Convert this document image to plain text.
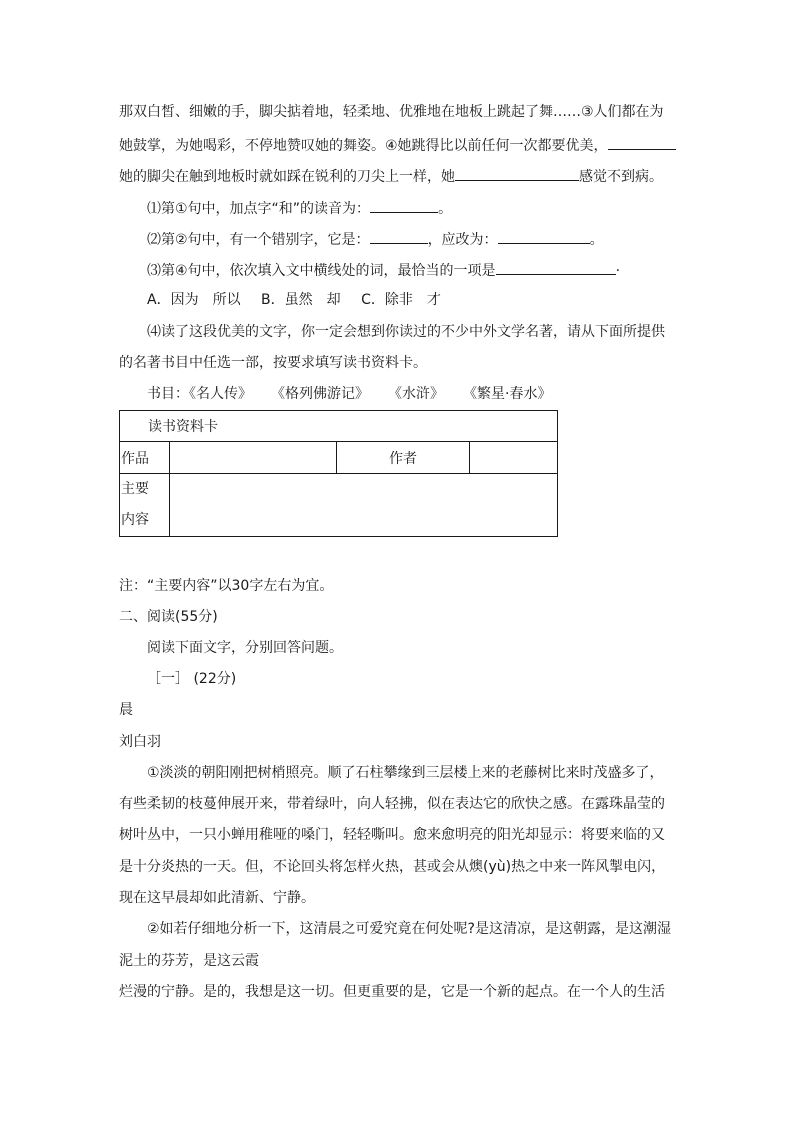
那双白皙、细嫩的手，脚尖掂着地，轻柔地、优雅地在地板上跳起了舞……③人们都在为
她鼓掌，为她喝彩，不停地赞叹她的舞姿。④她跳得比以前任何一次都要优美，
她的脚尖在触到地板时就如踩在锐利的刀尖上一样，她	感觉不到病。
⑴第①句中，加点字“和”的读音为：	。
⑵第②句中，有一个错别字，它是：	，应改为：	。
⑶第④句中，依次填入文中横线处的词，最恰当的一项是	·
A．因为 所以 B．虽然 却 C．除非 才
⑷读了这段优美的文字，你一定会想到你读过的不少中外文学名著，请从下面所提供
的名著书目中任选一部，按要求填写读书资料卡。
书目：《名人传》 《格列佛游记》 《水浒》 《繁星·春水》
读书资料卡			
作品		作者	
主要
内容			
注：“主要内容”以30字左右为宜。
二、阅读(55分)
阅读下面文字，分别回答问题。
［一］ (22分)
晨
刘白羽
①淡淡的朝阳刚把树梢照亮。顺了石柱攀缘到三层楼上来的老藤树比来时茂盛多了，
有些柔韧的枝蔓伸展开来，带着绿叶，向人轻拂，似在表达它的欣快之感。在露珠晶莹的
树叶丛中，一只小蝉用稚哑的嗓门，轻轻嘶叫。愈来愈明亮的阳光却显示：将要来临的又
是十分炎热的一天。但，不论回头将怎样火热，甚或会从燠(yù)热之中来一阵风掣电闪，
现在这早晨却如此清新、宁静。
②如若仔细地分析一下，这清晨之可爱究竟在何处呢?是这清凉，是这朝露，是这潮湿
泥土的芬芳，是这云霞
烂漫的宁静。是的，我想是这一切。但更重要的是，它是一个新的起点。在一个人的生活
